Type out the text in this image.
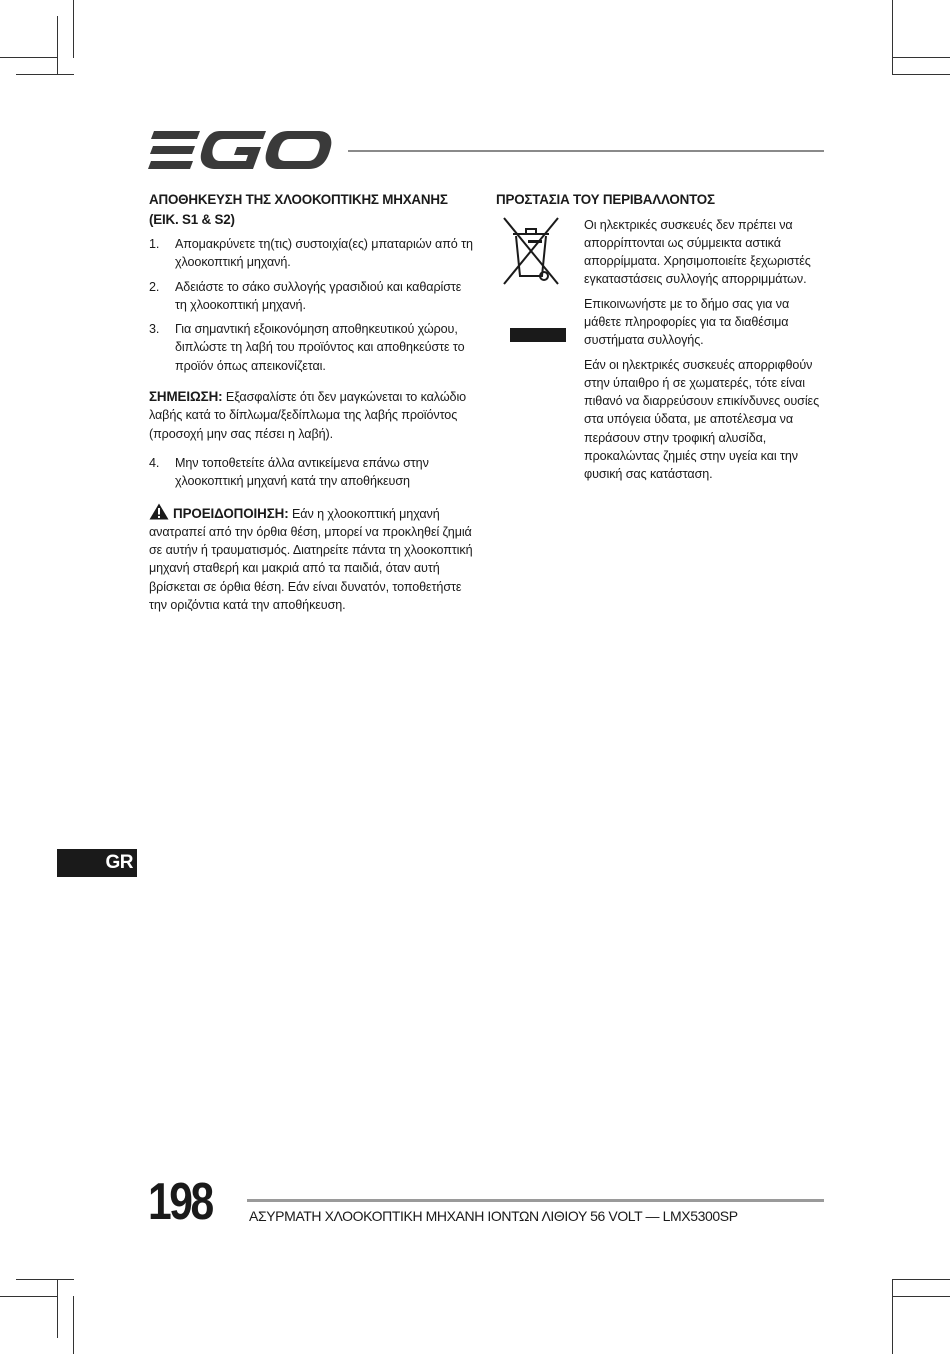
ΑΠΟΘΗΚΕΥΣΗ ΤΗΣ ΧΛΟΟΚΟΠΤΙΚΗΣ ΜΗΧΑΝΗΣ (ΕΙΚ. S1 & S2)
1.	Απομακρύνετε τη(τις) συστοιχία(ες) μπαταριών από τη χλοοκοπτική μηχανή.
2.	Αδειάστε το σάκο συλλογής γρασιδιού και καθαρίστε τη χλοοκοπτική μηχανή.
3.	Για σημαντική εξοικονόμηση αποθηκευτικού χώρου, διπλώστε τη λαβή του προϊόντος και αποθηκεύστε το προϊόν όπως απεικονίζεται.

ΣΗΜΕΙΩΣΗ: Εξασφαλίστε ότι δεν μαγκώνεται το καλώδιο λαβής κατά το δίπλωμα/ξεδίπλωμα της λαβής προϊόντος (προσοχή μην σας πέσει η λαβή).

4.	Μην τοποθετείτε άλλα αντικείμενα επάνω στην χλοοκοπτική μηχανή κατά την αποθήκευση

ΠΡΟΕΙΔΟΠΟΙΗΣΗ: Εάν η χλοοκοπτική μηχανή ανατραπεί από την όρθια θέση, μπορεί να προκληθεί ζημιά σε αυτήν ή τραυματισμός. Διατηρείτε πάντα τη χλοοκοπτική μηχανή σταθερή και μακριά από τα παιδιά, όταν αυτή βρίσκεται σε όρθια θέση. Εάν είναι δυνατόν, τοποθετήστε την οριζόντια κατά την αποθήκευση.

ΠΡΟΣΤΑΣΙΑ ΤΟΥ ΠΕΡΙΒΑΛΛΟΝΤΟΣ

Οι ηλεκτρικές συσκευές δεν πρέπει να απορρίπτονται ως σύμμεικτα αστικά απορρίμματα. Χρησιμοποιείτε ξεχωριστές εγκαταστάσεις συλλογής απορριμμάτων.

Επικοινωνήστε με το δήμο σας για να μάθετε πληροφορίες για τα διαθέσιμα συστήματα συλλογής.

Εάν οι ηλεκτρικές συσκευές απορριφθούν στην ύπαιθρο ή σε χωματερές, τότε είναι πιθανό να διαρρεύσουν επικίνδυνες ουσίες στα υπόγεια ύδατα, με αποτέλεσμα να περάσουν στην τροφική αλυσίδα, προκαλώντας ζημιές στην υγεία και την φυσική σας κατάσταση.

GR
198	ΑΣΥΡΜΑΤΗ ΧΛΟΟΚΟΠΤΙΚΗ ΜΗΧΑΝΗ ΙΟΝΤΩΝ ΛΙΘΙΟΥ 56 VOLT — LMX5300SP
